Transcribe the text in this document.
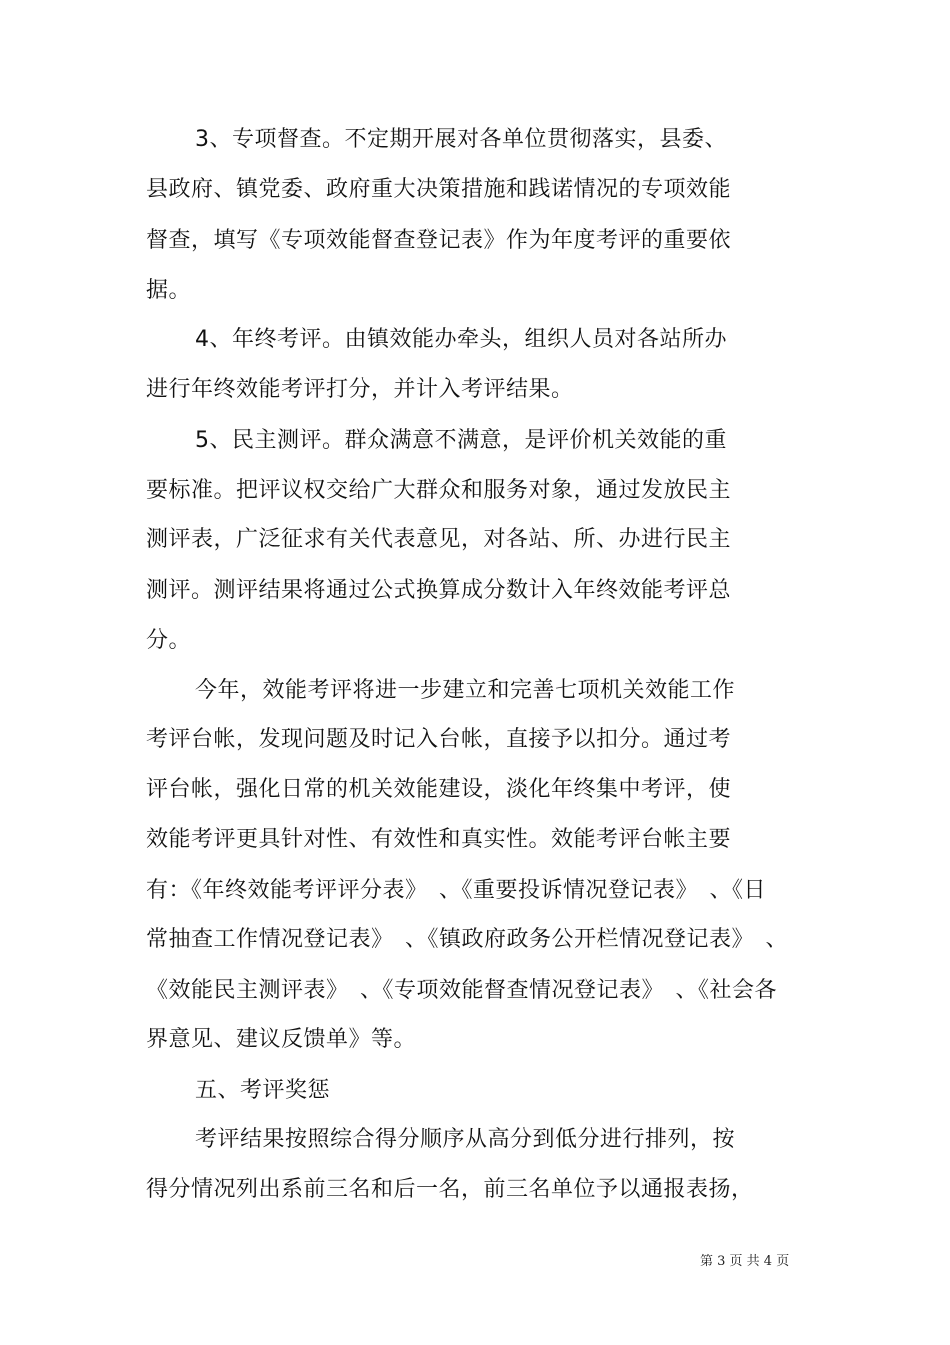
3、专项督查。不定期开展对各单位贯彻落实，县委、
县政府、镇党委、政府重大决策措施和践诺情况的专项效能
督查，填写《专项效能督查登记表》作为年度考评的重要依
据。
4、年终考评。由镇效能办牵头，组织人员对各站所办
进行年终效能考评打分，并计入考评结果。
5、民主测评。群众满意不满意，是评价机关效能的重
要标准。把评议权交给广大群众和服务对象，通过发放民主
测评表，广泛征求有关代表意见，对各站、所、办进行民主
测评。测评结果将通过公式换算成分数计入年终效能考评总
分。
今年，效能考评将进一步建立和完善七项机关效能工作
考评台帐，发现问题及时记入台帐，直接予以扣分。通过考
评台帐，强化日常的机关效能建设，淡化年终集中考评，使
效能考评更具针对性、有效性和真实性。效能考评台帐主要
有：《年终效能考评评分表》　、《重要投诉情况登记表》　、《日
常抽查工作情况登记表》　、《镇政府政务公开栏情况登记表》　、
《效能民主测评表》　、《专项效能督查情况登记表》　、《社会各
界意见、建议反馈单》等。
五、考评奖惩
考评结果按照综合得分顺序从高分到低分进行排列，按
得分情况列出系前三名和后一名，前三名单位予以通报表扬，
第 3 页 共 4 页
